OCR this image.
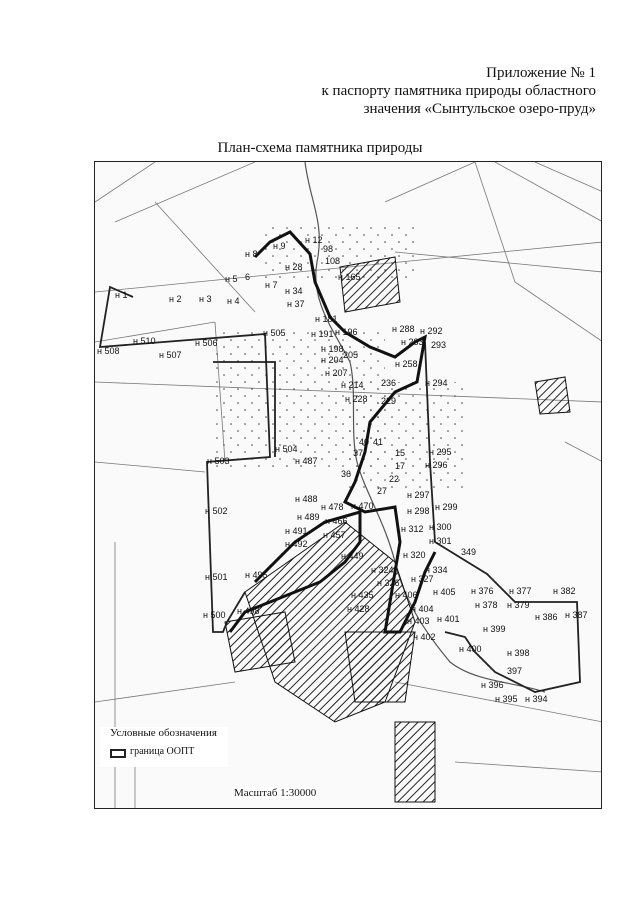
Приложение № 1
к паспорту памятника природы областного
значения «Сынтульское озеро-пруд»
План-схема памятника природы
н 1	н 2 н 3 н 4
н 5 6
н 7
н 8
н 9
н 12
98
108
н 28
н 34
н 37
н 165
н 181
н 191 н 196
н 198
н 204 205
н 207
н 214
н 228 229
236
н 258
н 283
н 288 н 292
293
н 294
н 295
н 296
н 297
н 299
н 298
н 300
н 301
н 312
н 320
н 324
н 326 н 327
н 334
349
н 376 н 377
н 378 н 379
н 382
н 386 н 387
н 394
н 395
н 396
397
н 398
н 399
н 400
н 401
н 402
н 403
н 404
н 405
н 406
н 428
н 435
н 449
н 457
н 466
н 470
н 478
н 487
н 488
н 489
н 491
н 492
н 495
н 498
н 500
н 501
н 502
н 503
н 504
н 505
н 506
н 507
н 508
н 510
40 41
37	15
17
22
27
36
Условные обозначения
граница ООПТ
Масштаб 1:30000
